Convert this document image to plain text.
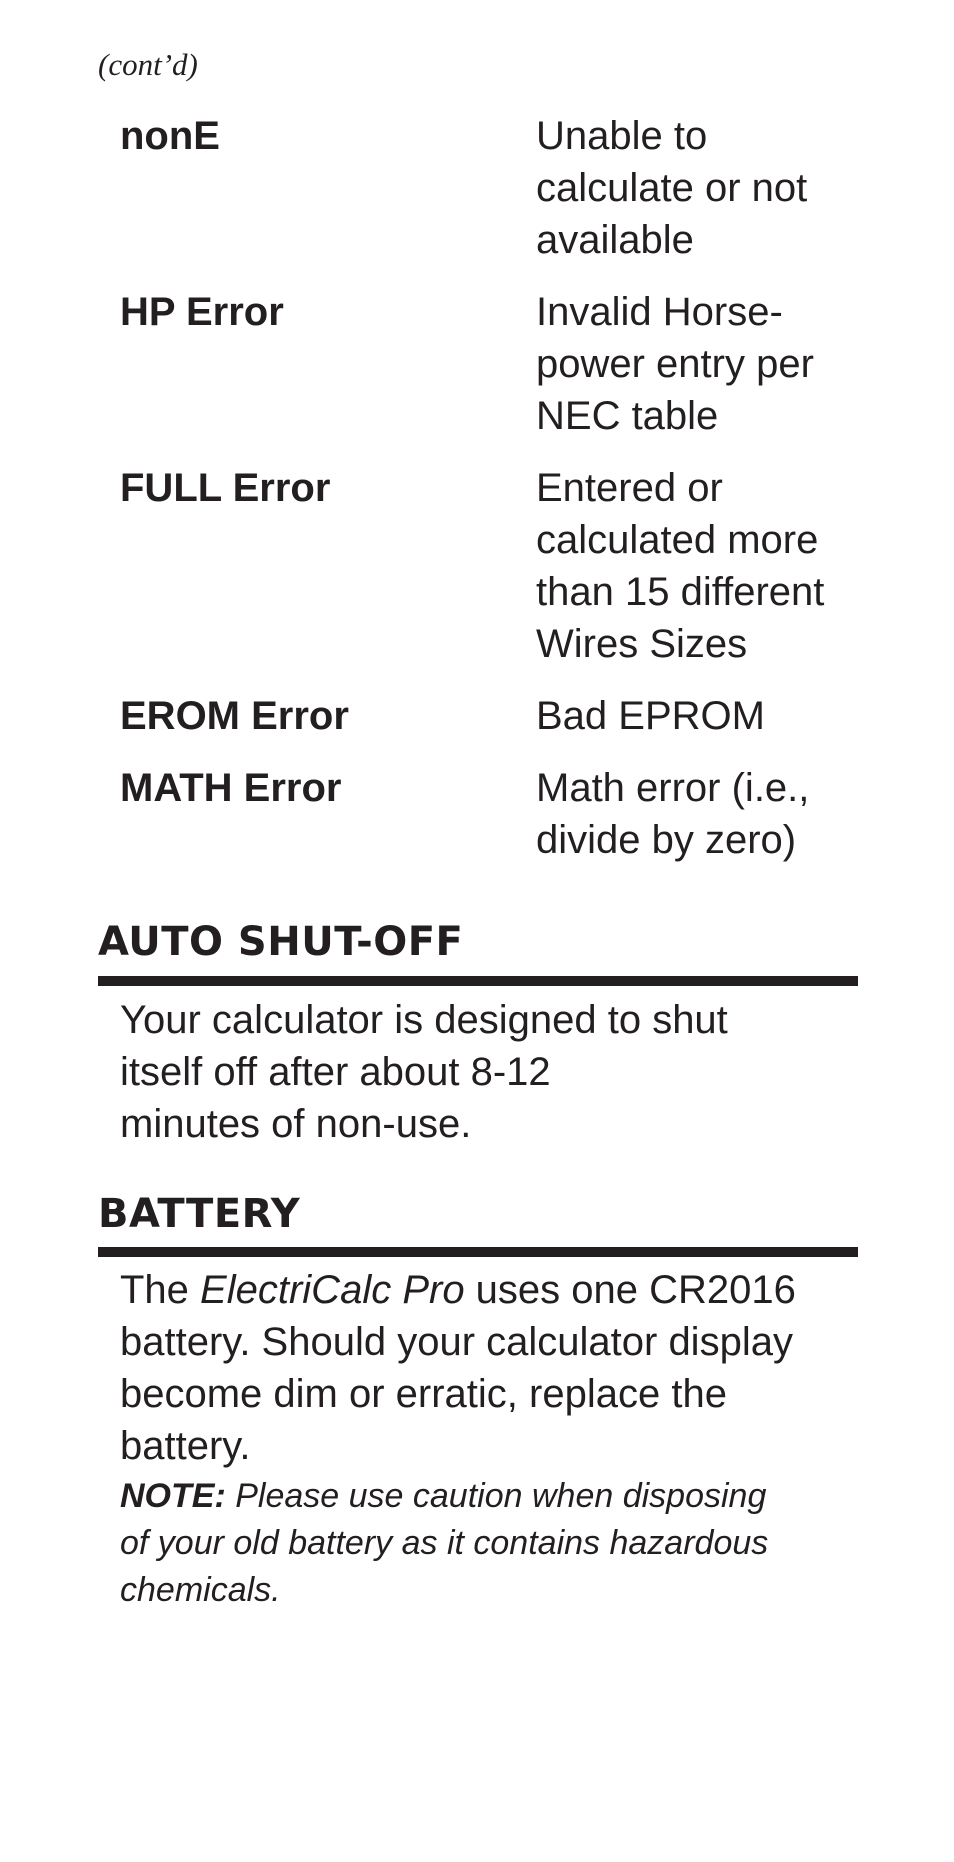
(cont’d)
nonE	Unable to
calculate or not
available
HP Error	Invalid Horse-
power entry per
NEC table
FULL Error	Entered or
calculated more
than 15 different
Wires Sizes
EROM Error	Bad EPROM
MATH Error	Math error (i.e.,
divide by zero)
AUTO SHUT-OFF
Your calculator is designed to shut
itself off after about 8-12
minutes of non-use.
BATTERY
The ElectriCalc Pro uses one CR2016
battery. Should your calculator display
become dim or erratic, replace the
battery.
NOTE: Please use caution when disposing
of your old battery as it contains hazardous
chemicals.
